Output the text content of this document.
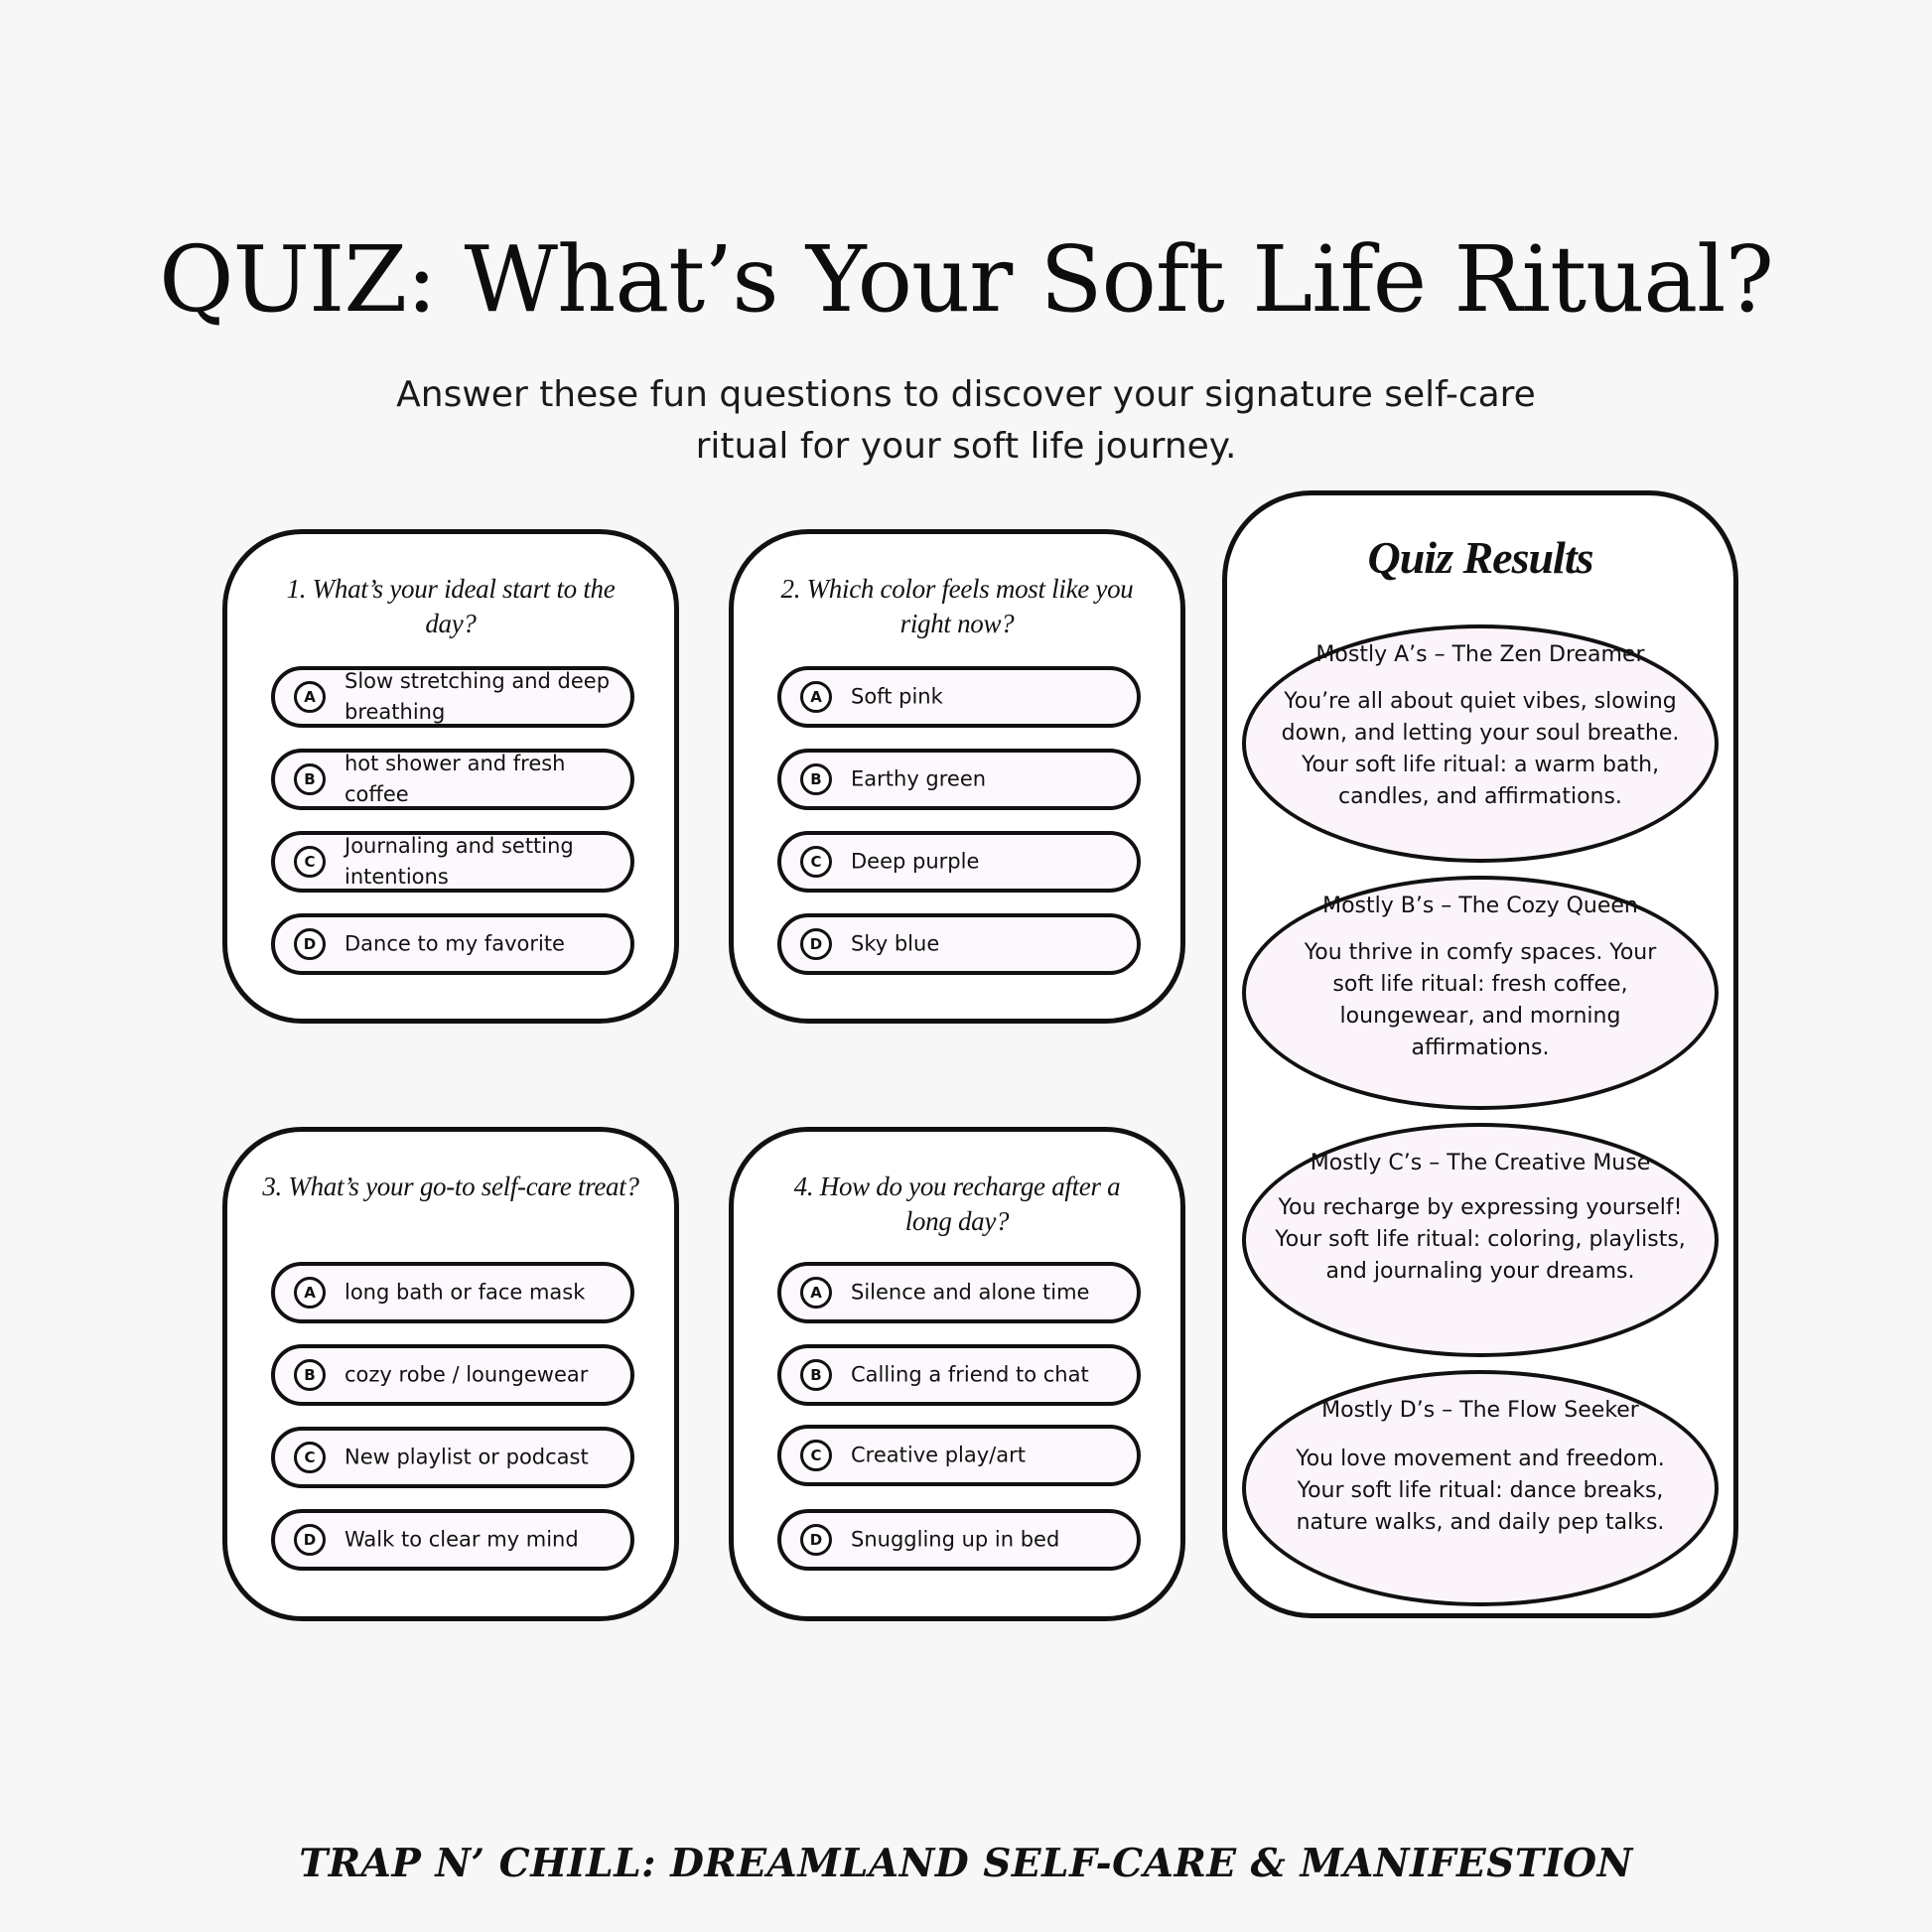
QUIZ: What’s Your Soft Life Ritual?

Answer these fun questions to discover your signature self-care ritual for your soft life journey.

1. What’s your ideal start to the day?
A
Slow stretching and deep breathing
B
hot shower and fresh coffee
C
Journaling and setting intentions
D	Dance to my favorite
2. Which color feels most like you right now?
A	Soft pink
B	Earthy green
C	Deep purple
D	Sky blue
3. What’s your go-to self-care treat?
A	long bath or face mask
B	cozy robe / loungewear
C	New playlist or podcast
D	Walk to clear my mind
4. How do you recharge after a long day?
A	Silence and alone time
B	Calling a friend to chat
C	Creative play/art
D	Snuggling up in bed
Quiz Results
Mostly A’s – The Zen Dreamer
You’re all about quiet vibes, slowing down, and letting your soul breathe. Your soft life ritual: a warm bath, candles, and affirmations.
Mostly B’s – The Cozy Queen
You thrive in comfy spaces. Your soft life ritual: fresh coffee, loungewear, and morning affirmations.
Mostly C’s – The Creative Muse
You recharge by expressing yourself! Your soft life ritual: coloring, playlists, and journaling your dreams.
Mostly D’s – The Flow Seeker
You love movement and freedom. Your soft life ritual: dance breaks, nature walks, and daily pep talks.
TRAP N’ CHILL: DREAMLAND SELF-CARE & MANIFESTION
